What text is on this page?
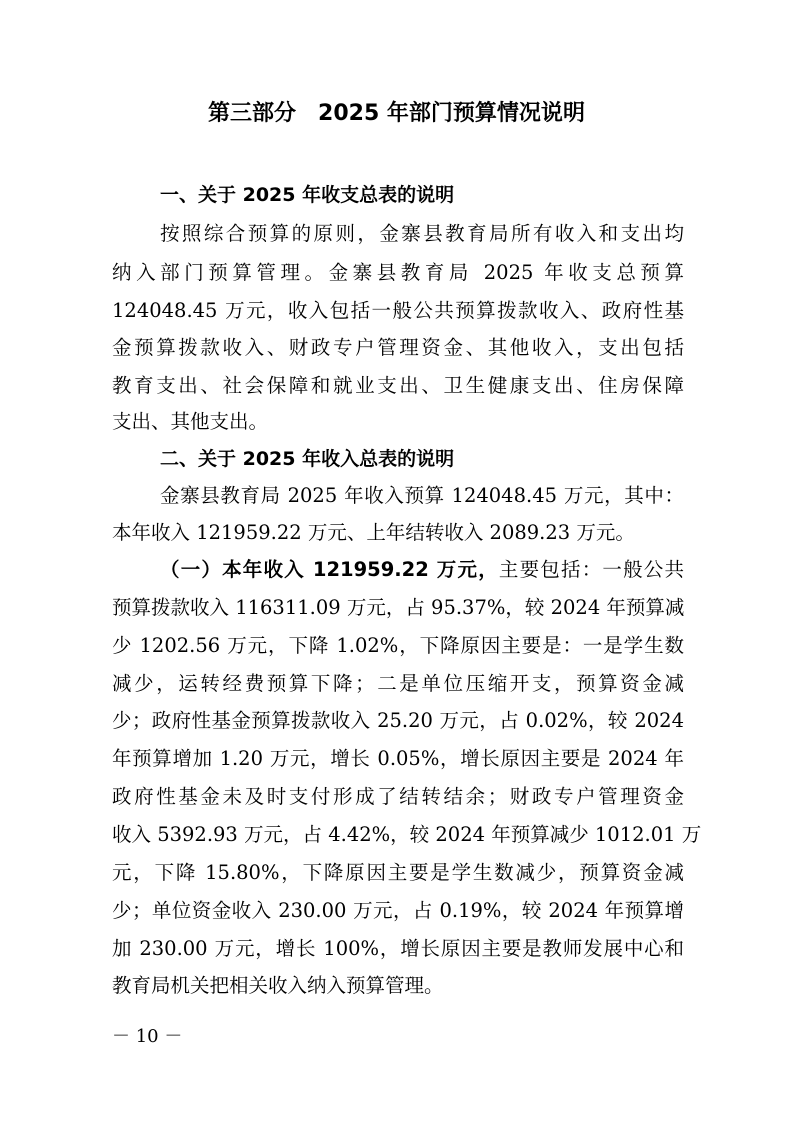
第三部分　2025 年部门预算情况说明
一、关于 2025 年收支总表的说明
按照综合预算的原则，金寨县教育局所有收入和支出均
纳入部门预算管理。金寨县教育局 2025 年收支总预算
124048.45 万元，收入包括一般公共预算拨款收入、政府性基
金预算拨款收入、财政专户管理资金、其他收入，支出包括
教育支出、社会保障和就业支出、卫生健康支出、住房保障
支出、其他支出。
二、关于 2025 年收入总表的说明
金寨县教育局 2025 年收入预算 124048.45 万元，其中：
本年收入 121959.22 万元、上年结转收入 2089.23 万元。
（一）本年收入 121959.22 万元，主要包括：一般公共
预算拨款收入 116311.09 万元，占 95.37%，较 2024 年预算减
少 1202.56 万元，下降 1.02%，下降原因主要是：一是学生数
减少，运转经费预算下降；二是单位压缩开支，预算资金减
少；政府性基金预算拨款收入 25.20 万元，占 0.02%，较 2024
年预算增加 1.20 万元，增长 0.05%，增长原因主要是 2024 年
政府性基金未及时支付形成了结转结余；财政专户管理资金
收入 5392.93 万元，占 4.42%，较 2024 年预算减少 1012.01 万
元，下降 15.80%，下降原因主要是学生数减少，预算资金减
少；单位资金收入 230.00 万元，占 0.19%，较 2024 年预算增
加 230.00 万元，增长 100%，增长原因主要是教师发展中心和
教育局机关把相关收入纳入预算管理。
－ 10 －
